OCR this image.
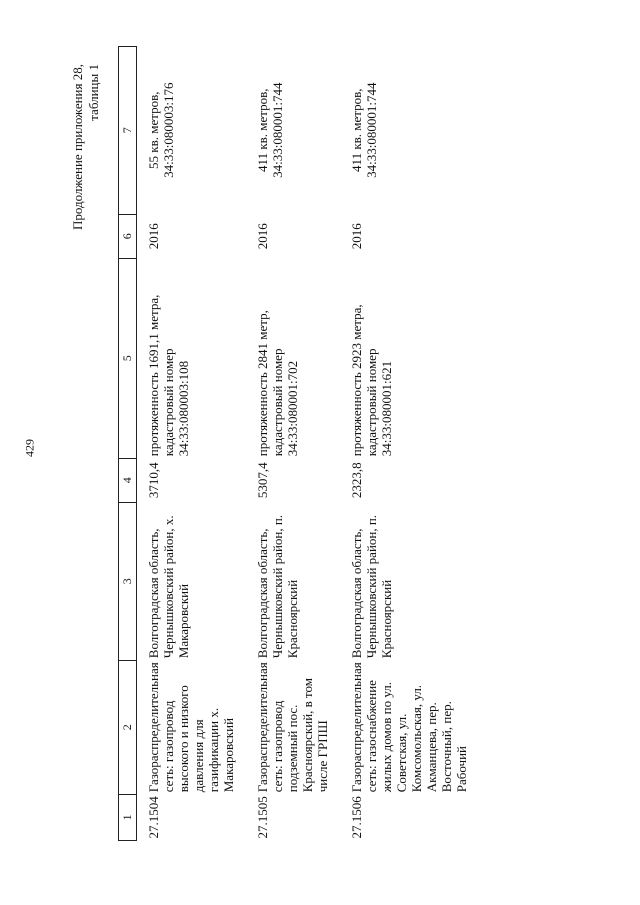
429
Продолжение приложения 28, таблицы 1
1	2	3	4	5	6	7
27.1504	Газораспределительная сеть: газопровод высокого и низкого давления для газификации х. Макаровский	Волгоградская область, Чернышковский район, х. Макаровский	3710,4	протяженность 1691,1 метра, кадастровый номер 34:33:080003:108	2016	55 кв. метров, 34:33:080003:176
27.1505	Газораспределительная сеть: газопровод подземный пос. Красноярский, в том числе ГРПШ	Волгоградская область, Чернышковский район, п. Красноярский	5307,4	протяженность 2841 метр, кадастровый номер 34:33:080001:702	2016	411 кв. метров, 34:33:080001:744
27.1506	Газораспределительная сеть: газоснабжение жилых домов по ул. Советская, ул. Комсомольская, ул. Акманцева, пер. Восточный, пер. Рабочий	Волгоградская область, Чернышковский район, п. Красноярский	2323,8	протяженность 2923 метра, кадастровый номер 34:33:080001:621	2016	411 кв. метров, 34:33:080001:744
